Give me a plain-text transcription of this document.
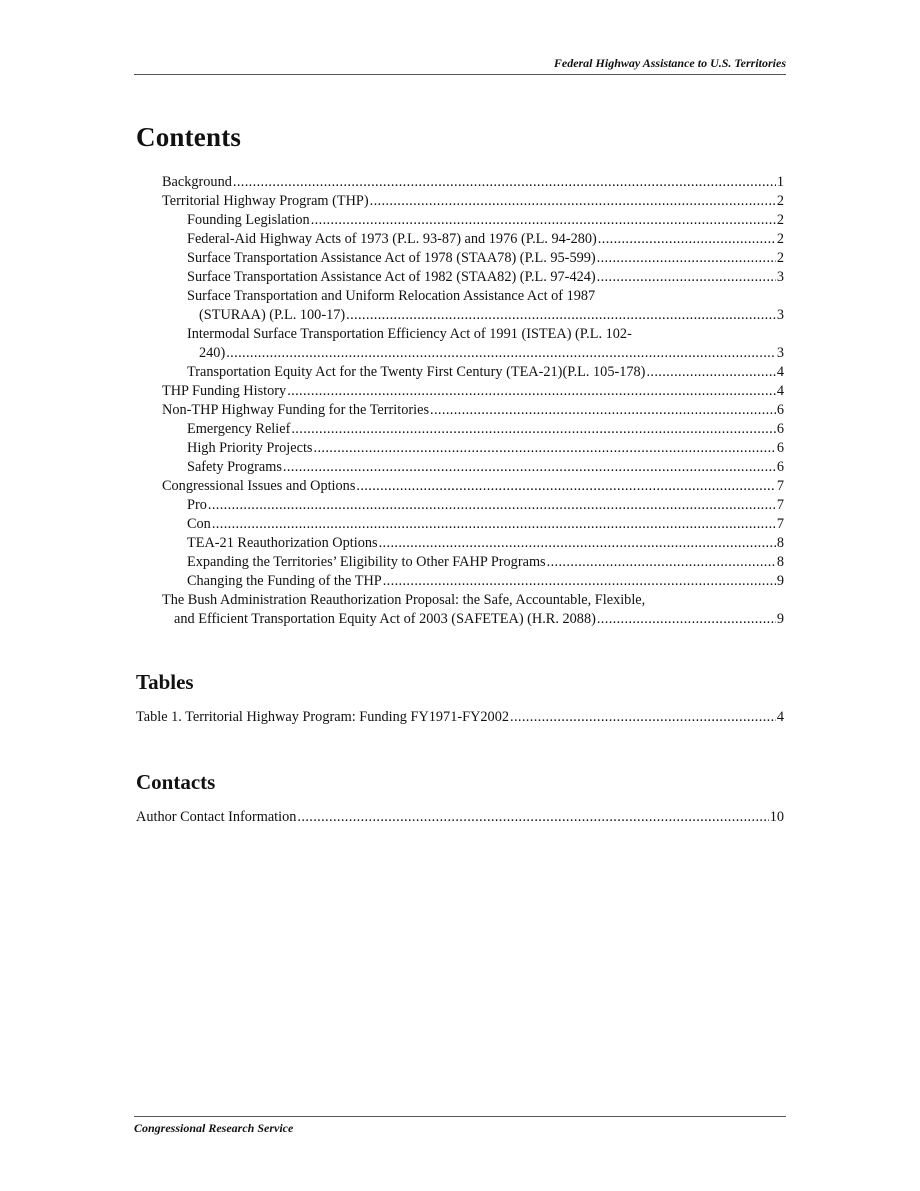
Federal Highway Assistance to U.S. Territories
Contents
Background . . .	1
Territorial Highway Program (THP) . . .	2
Founding Legislation . . .	2
Federal-Aid Highway Acts of 1973 (P.L. 93-87) and 1976 (P.L. 94-280) . . .	2
Surface Transportation Assistance Act of 1978 (STAA78) (P.L. 95-599) . . .	2
Surface Transportation Assistance Act of 1982 (STAA82) (P.L. 97-424) . . .	3
Surface Transportation and Uniform Relocation Assistance Act of 1987
(STURAA) (P.L. 100-17) . . .	3
Intermodal Surface Transportation Efficiency Act of 1991 (ISTEA) (P.L. 102-
240) . . .	3
Transportation Equity Act for the Twenty First Century (TEA-21)(P.L. 105-178) . . .	4
THP Funding History . . .	4
Non-THP Highway Funding for the Territories . . .	6
Emergency Relief . . .	6
High Priority Projects . . .	6
Safety Programs . . .	6
Congressional Issues and Options . . .	7
Pro . . .	7
Con . . .	7
TEA-21 Reauthorization Options . . .	8
Expanding the Territories’ Eligibility to Other FAHP Programs . . .	8
Changing the Funding of the THP . . .	9
The Bush Administration Reauthorization Proposal: the Safe, Accountable, Flexible,
and Efficient Transportation Equity Act of 2003 (SAFETEA) (H.R. 2088) . . .	9
Tables
Table 1. Territorial Highway Program: Funding FY1971-FY2002 . . .	4
Contacts
Author Contact Information . . .	10
Congressional Research Service
